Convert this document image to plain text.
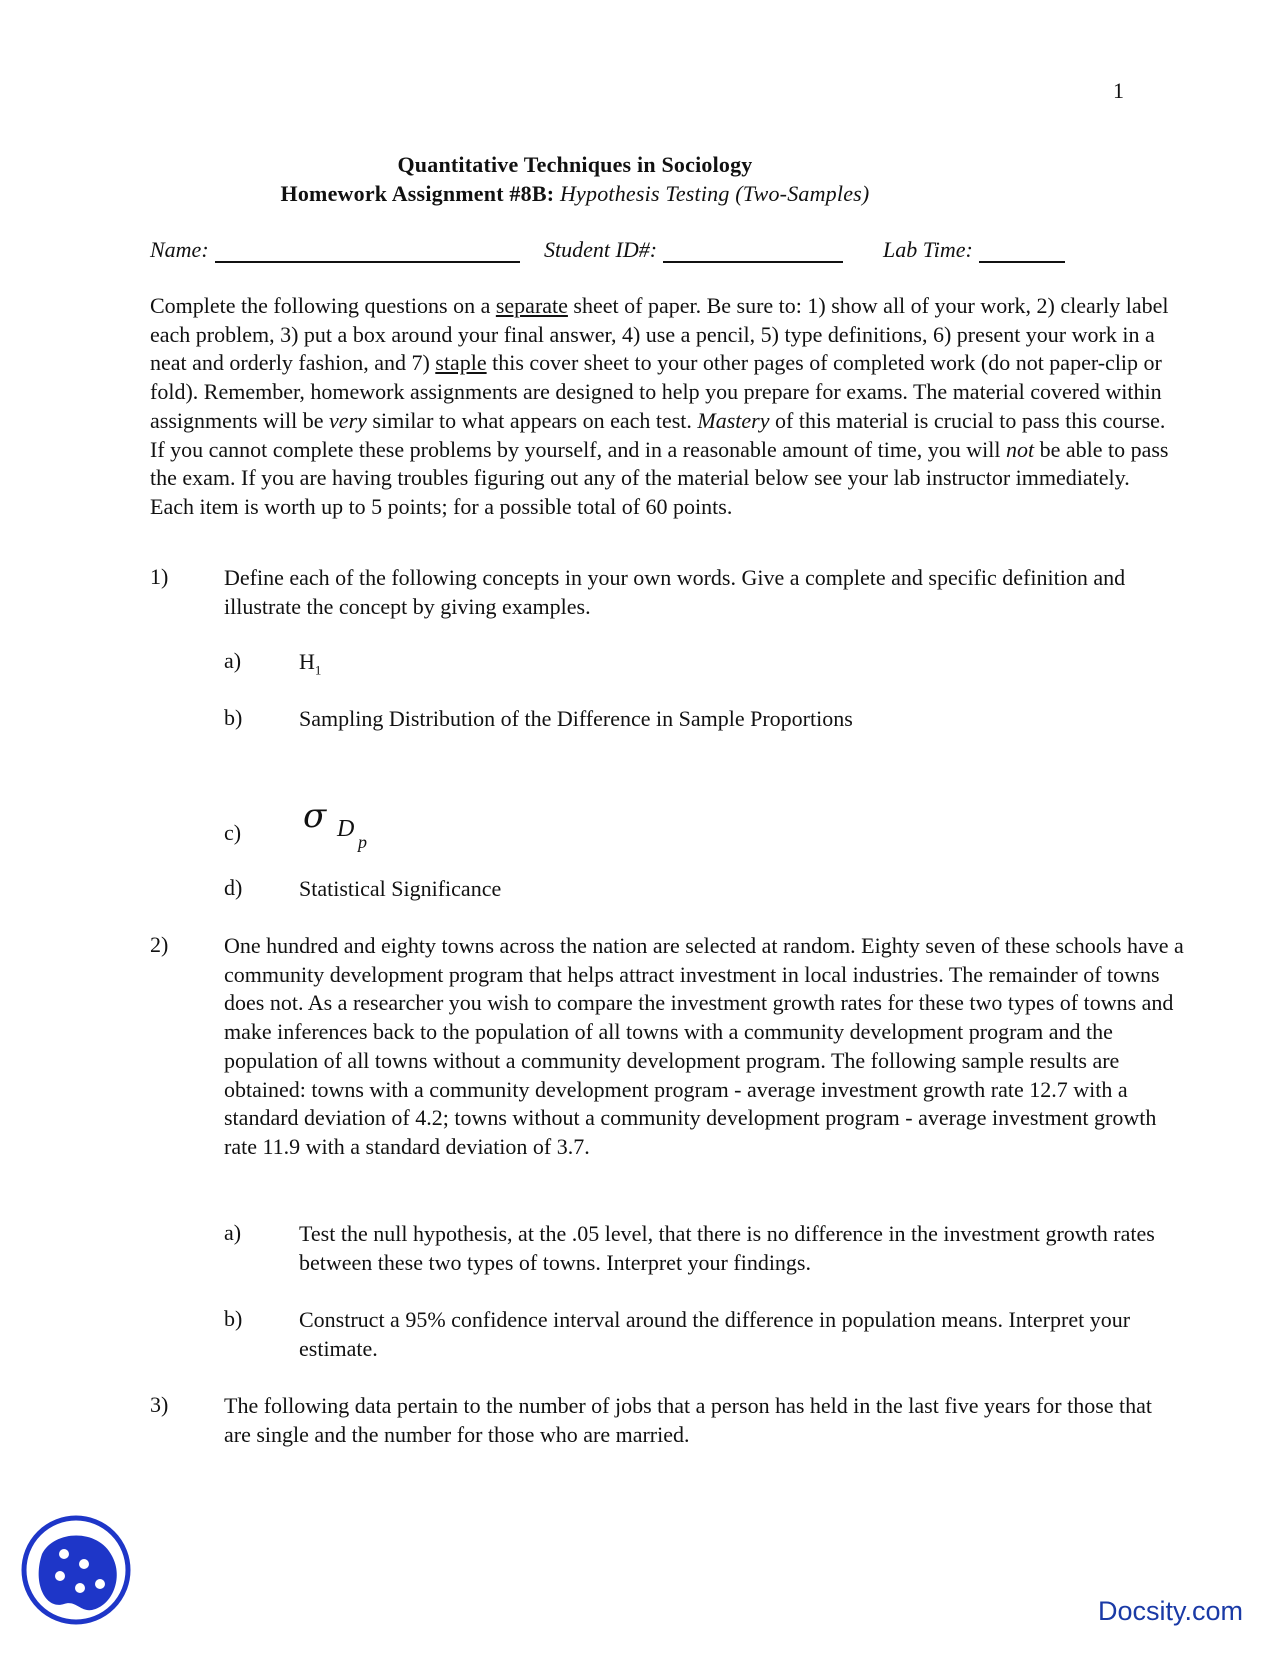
1
Quantitative Techniques in Sociology
Homework Assignment #8B: Hypothesis Testing (Two-Samples)
Name:	Student ID#:	Lab Time:
Complete the following questions on a separate sheet of paper. Be sure to: 1) show all of your work, 2) clearly label each problem, 3) put a box around your final answer, 4) use a pencil, 5) type definitions, 6) present your work in a neat and orderly fashion, and 7) staple this cover sheet to your other pages of completed work (do not paper-clip or fold). Remember, homework assignments are designed to help you prepare for exams. The material covered within assignments will be very similar to what appears on each test. Mastery of this material is crucial to pass this course. If you cannot complete these problems by yourself, and in a reasonable amount of time, you will not be able to pass the exam. If you are having troubles figuring out any of the material below see your lab instructor immediately. Each item is worth up to 5 points; for a possible total of 60 points.
1)	Define each of the following concepts in your own words. Give a complete and specific definition and illustrate the concept by giving examples.
a)	$H_1$
b)	Sampling Distribution of the Difference in Sample Proportions
c) σ D p
d)	Statistical Significance
2)	One hundred and eighty towns across the nation are selected at random. Eighty seven of these schools have a community development program that helps attract investment in local industries. The remainder of towns does not. As a researcher you wish to compare the investment growth rates for these two types of towns and make inferences back to the population of all towns with a community development program and the population of all towns without a community development program. The following sample results are obtained: towns with a community development program - average investment growth rate 12.7 with a standard deviation of 4.2; towns without a community development program - average investment growth rate 11.9 with a standard deviation of 3.7.
a)	Test the null hypothesis, at the .05 level, that there is no difference in the investment growth rates between these two types of towns. Interpret your findings.
b)	Construct a 95% confidence interval around the difference in population means. Interpret your estimate.
3)	The following data pertain to the number of jobs that a person has held in the last five years for those that are single and the number for those who are married.
Docsity.com
